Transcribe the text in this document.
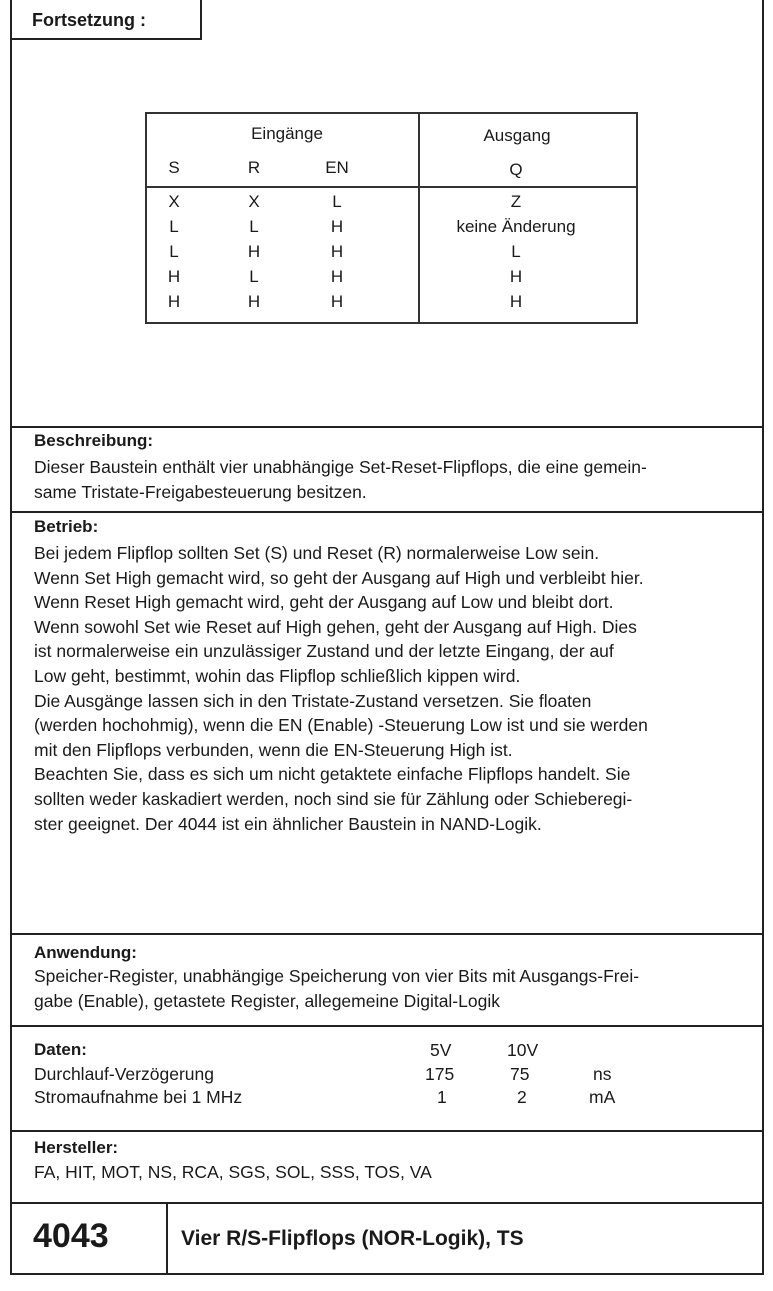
Fortsetzung :
Eingänge	Ausgang
S	R	EN	Q
X	X	L	Z
L	L	H	keine Änderung
L	H	H	L
H	L	H	H
H	H	H	H
Beschreibung:
Dieser Baustein enthält vier unabhängige Set-Reset-Flipflops, die eine gemein-
same Tristate-Freigabesteuerung besitzen.
Betrieb:
Bei jedem Flipflop sollten Set (S) und Reset (R) normalerweise Low sein.
Wenn Set High gemacht wird, so geht der Ausgang auf High und verbleibt hier.
Wenn Reset High gemacht wird, geht der Ausgang auf Low und bleibt dort.
Wenn sowohl Set wie Reset auf High gehen, geht der Ausgang auf High. Dies
ist normalerweise ein unzulässiger Zustand und der letzte Eingang, der auf
Low geht, bestimmt, wohin das Flipflop schließlich kippen wird.
Die Ausgänge lassen sich in den Tristate-Zustand versetzen. Sie floaten
(werden hochohmig), wenn die EN (Enable) -Steuerung Low ist und sie werden
mit den Flipflops verbunden, wenn die EN-Steuerung High ist.
Beachten Sie, dass es sich um nicht getaktete einfache Flipflops handelt. Sie
sollten weder kaskadiert werden, noch sind sie für Zählung oder Schieberegi-
ster geeignet. Der 4044 ist ein ähnlicher Baustein in NAND-Logik.
Anwendung:
Speicher-Register, unabhängige Speicherung von vier Bits mit Ausgangs-Frei-
gabe (Enable), getastete Register, allegemeine Digital-Logik
Daten:	5V	10V
Durchlauf-Verzögerung	175	75	ns
Stromaufnahme bei 1 MHz	1	2	mA
Hersteller:
FA, HIT, MOT, NS, RCA, SGS, SOL, SSS, TOS, VA
4043	Vier R/S-Flipflops (NOR-Logik), TS
